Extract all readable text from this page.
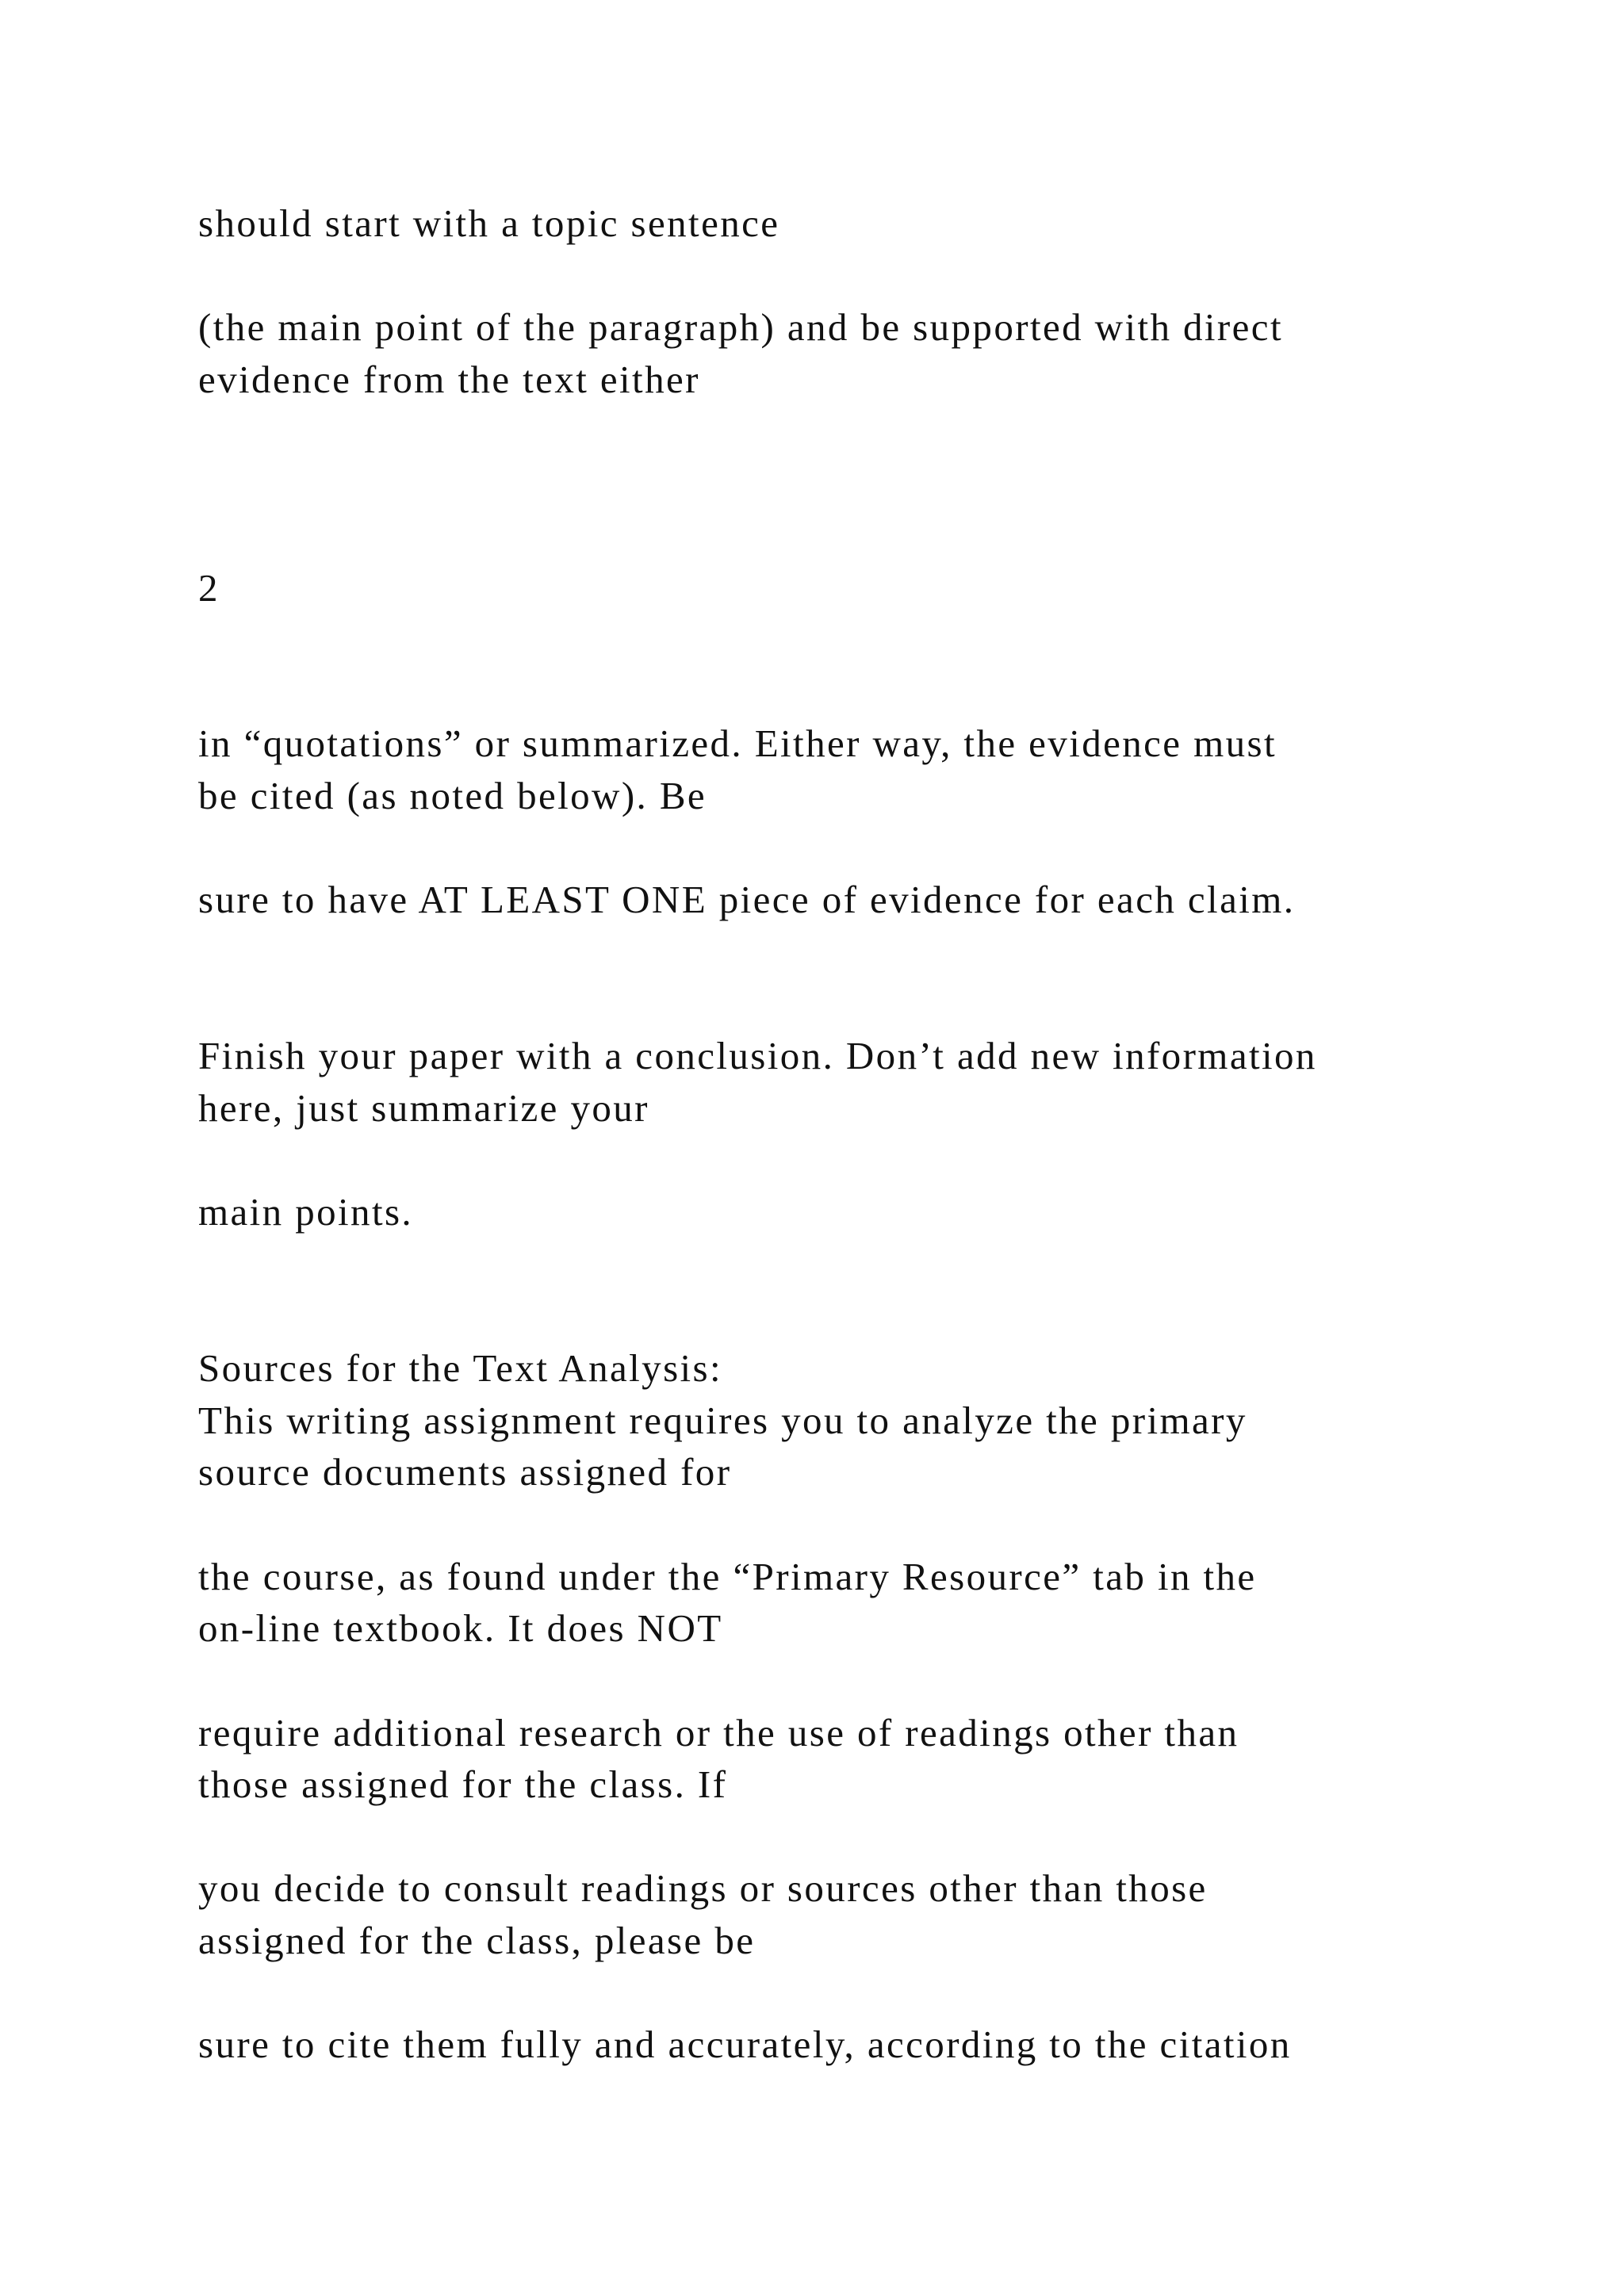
should start with a topic sentence
(the main point of the paragraph) and be supported with direct
evidence from the text either
2
in “quotations” or summarized. Either way, the evidence must
be cited (as noted below). Be
sure to have AT LEAST ONE piece of evidence for each claim.
Finish your paper with a conclusion. Don’t add new information
here, just summarize your
main points.
Sources for the Text Analysis:
This writing assignment requires you to analyze the primary
source documents assigned for
the course, as found under the “Primary Resource” tab in the
on-line textbook. It does NOT
require additional research or the use of readings other than
those assigned for the class. If
you decide to consult readings or sources other than those
assigned for the class, please be
sure to cite them fully and accurately, according to the citation
